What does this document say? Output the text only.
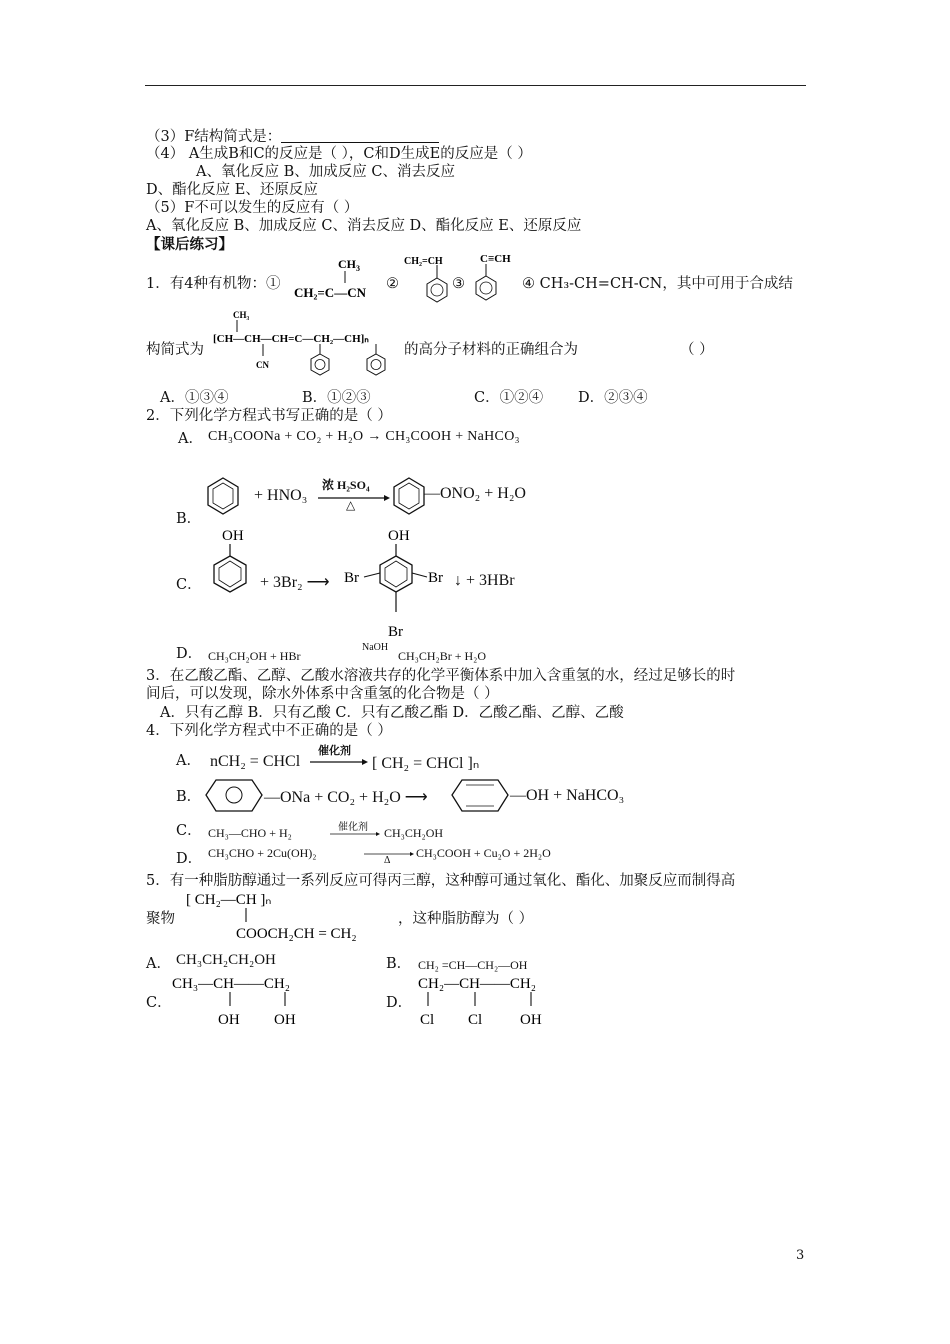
（3）F结构简式是：
（4） A生成B和C的反应是（ ），C和D生成E的反应是（ ）
A、氧化反应 B、加成反应 C、消去反应
D、酯化反应 E、还原反应
（5）F不可以发生的反应有（ ）
A、氧化反应 B、加成反应 C、消去反应 D、酯化反应 E、还原反应
【课后练习】
1．有4种有机物：①
CH 3
CH₂=C—CN
②
CH₂=CH
③
C≡CH
④ CH₃-CH=CH-CN，其中可用于合成结
构简式为
CH₃
[CH—CH—CH=C—CH₂—CH]ₙ
CN
的高分子材料的正确组合为	（ ）
A．①③④	B．①②③	C．①②④ D．②③④
2．下列化学方程式书写正确的是（ ）
A． CH₃COONa + CO₂ + H₂O → CH₃COOH + NaHCO₃
B．
+ HNO₃
浓 H₂SO₄
△
—ONO₂ + H₂O
C．
OH
+ 3Br₂ ⟶
OH
Br	Br
Br
↓ + 3HBr
D． CH₃CH₂OH + HBr
NaOH
CH₃CH₂Br + H₂O
3．在乙酸乙酯、乙醇、乙酸水溶液共存的化学平衡体系中加入含重氢的水，经过足够长的时
间后，可以发现，除水外体系中含重氢的化合物是（ ）
A．只有乙醇 B．只有乙酸 C．只有乙酸乙酯 D．乙酸乙酯、乙醇、乙酸
4．下列化学方程式中不正确的是（ ）
A． nCH₂ = CHCl
催化剂
→ [ CH₂ = CHCl ]ₙ
B．	—ONa + CO₂ + H₂O ⟶	—OH + NaHCO₃
C． CH₃—CHO + H₂	催化剂 → CH₃CH₂OH
D． CH₃CHO + 2Cu(OH)₂
Δ
CH₃COOH + Cu₂O + 2H₂O
5．有一种脂肪醇通过一系列反应可得丙三醇，这种醇可通过氧化、酯化、加聚反应而制得高
聚物
[ CH₂—CH ]ₙ
COOCH₂CH = CH₂
，这种脂肪醇为（ ）
A． CH₃CH₂CH₂OH	B． CH₂ =CH—CH₂—OH
C．
CH₃—CH——CH₂
OH OH
D．
CH₂—CH——CH₂
Cl Cl	OH
3
